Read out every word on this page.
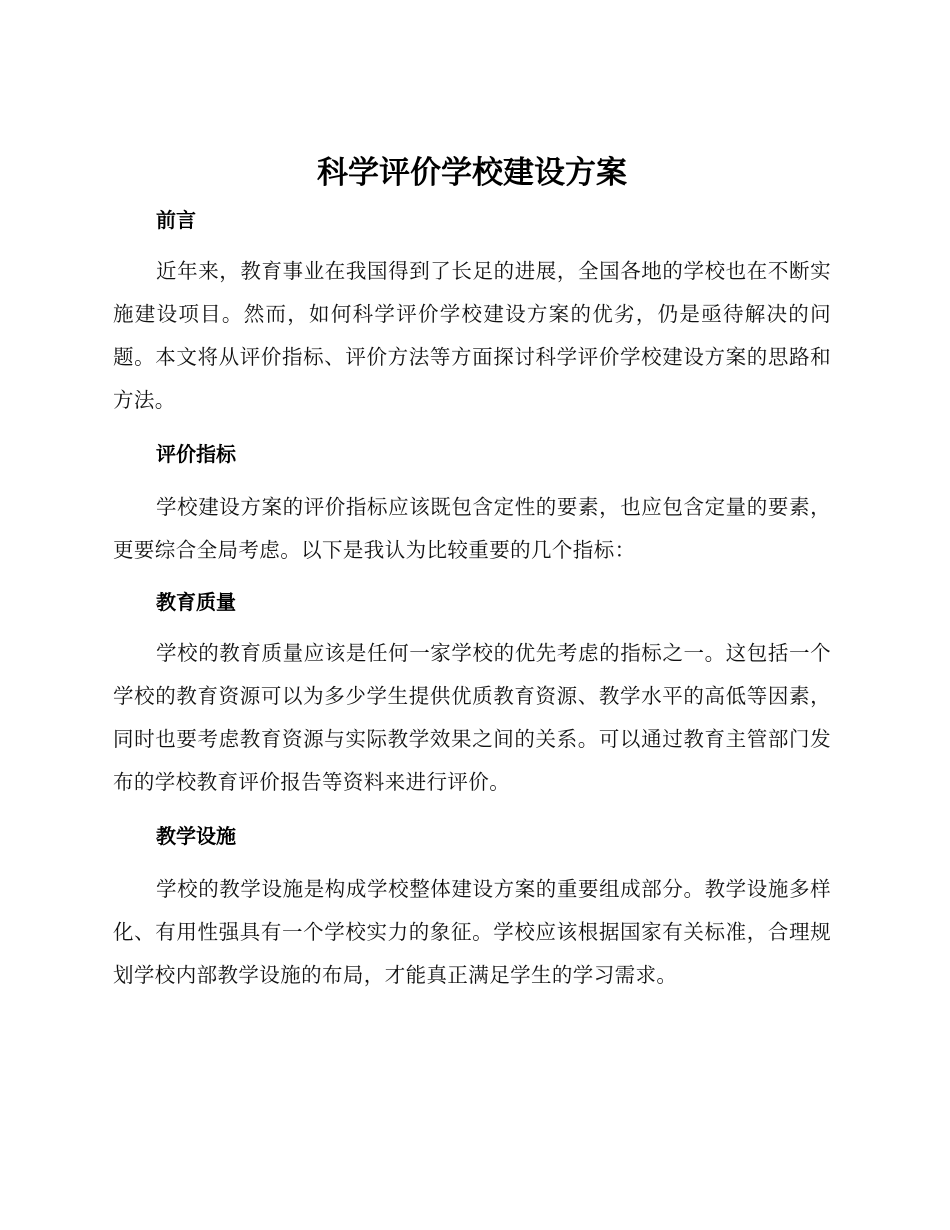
科学评价学校建设方案
前言

近年来，教育事业在我国得到了长足的进展，全国各地的学校也在不断实施建设项目。然而，如何科学评价学校建设方案的优劣，仍是亟待解决的问题。本文将从评价指标、评价方法等方面探讨科学评价学校建设方案的思路和方法。

评价指标

学校建设方案的评价指标应该既包含定性的要素，也应包含定量的要素，更要综合全局考虑。以下是我认为比较重要的几个指标：

教育质量

学校的教育质量应该是任何一家学校的优先考虑的指标之一。这包括一个学校的教育资源可以为多少学生提供优质教育资源、教学水平的高低等因素，同时也要考虑教育资源与实际教学效果之间的关系。可以通过教育主管部门发布的学校教育评价报告等资料来进行评价。

教学设施

学校的教学设施是构成学校整体建设方案的重要组成部分。教学设施多样化、有用性强具有一个学校实力的象征。学校应该根据国家有关标准，合理规划学校内部教学设施的布局，才能真正满足学生的学习需求。
